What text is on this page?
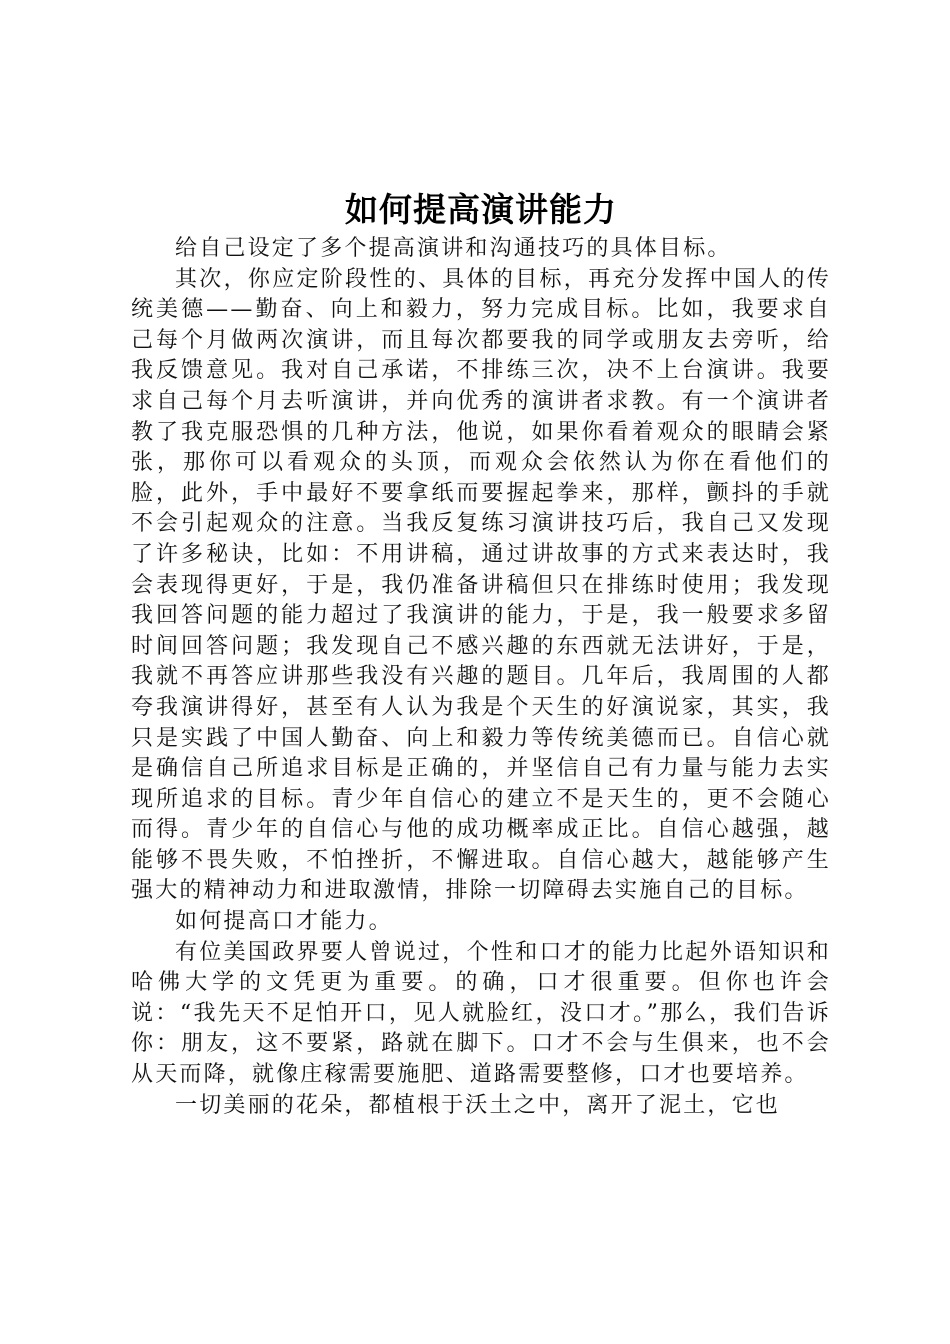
如何提高演讲能力

给自己设定了多个提高演讲和沟通技巧的具体目标。

其次，你应定阶段性的、具体的目标，再充分发挥中国人的传统美德——勤奋、向上和毅力，努力完成目标。比如，我要求自己每个月做两次演讲，而且每次都要我的同学或朋友去旁听，给我反馈意见。我对自己承诺，不排练三次，决不上台演讲。我要求自己每个月去听演讲，并向优秀的演讲者求教。有一个演讲者教了我克服恐惧的几种方法，他说，如果你看着观众的眼睛会紧张，那你可以看观众的头顶，而观众会依然认为你在看他们的脸，此外，手中最好不要拿纸而要握起拳来，那样，颤抖的手就不会引起观众的注意。当我反复练习演讲技巧后，我自己又发现了许多秘诀，比如：不用讲稿，通过讲故事的方式来表达时，我会表现得更好，于是，我仍准备讲稿但只在排练时使用；我发现我回答问题的能力超过了我演讲的能力，于是，我一般要求多留时间回答问题；我发现自己不感兴趣的东西就无法讲好，于是，我就不再答应讲那些我没有兴趣的题目。几年后，我周围的人都夸我演讲得好，甚至有人认为我是个天生的好演说家，其实，我只是实践了中国人勤奋、向上和毅力等传统美德而已。自信心就是确信自己所追求目标是正确的，并坚信自己有力量与能力去实现所追求的目标。青少年自信心的建立不是天生的，更不会随心而得。青少年的自信心与他的成功概率成正比。自信心越强，越能够不畏失败，不怕挫折，不懈进取。自信心越大，越能够产生强大的精神动力和进取激情，排除一切障碍去实施自己的目标。

如何提高口才能力。

有位美国政界要人曾说过，个性和口才的能力比起外语知识和哈佛大学的文凭更为重要。的确，口才很重要。但你也许会说：“我先天不足怕开口，见人就脸红，没口才。”那么，我们告诉你：朋友，这不要紧，路就在脚下。口才不会与生俱来，也不会从天而降，就像庄稼需要施肥、道路需要整修，口才也要培养。

一切美丽的花朵，都植根于沃土之中，离开了泥土，它也
